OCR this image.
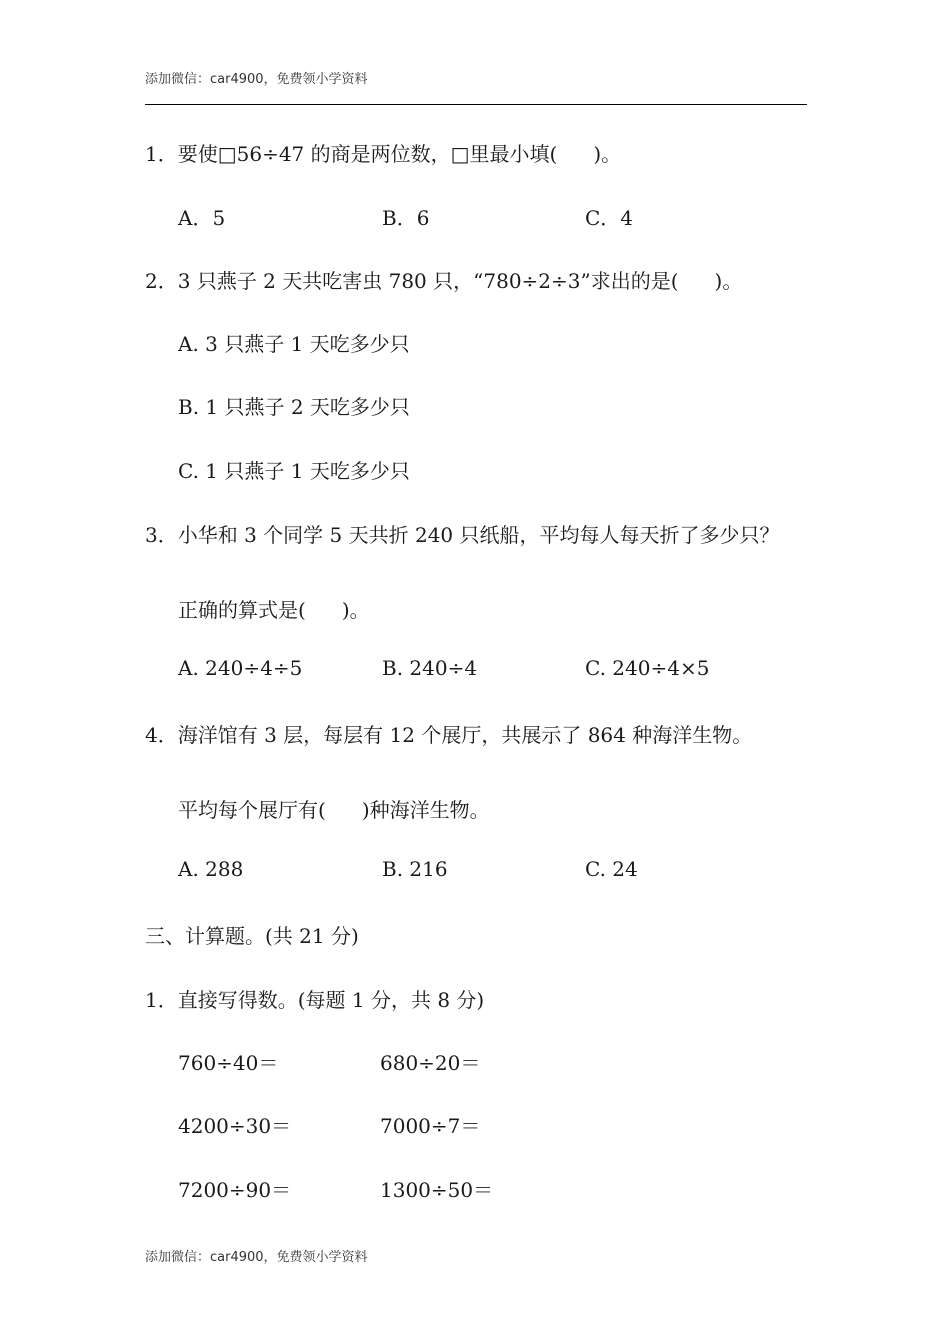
添加微信：car4900，免费领小学资料
1．要使□56÷47 的商是两位数，□里最小填( )。
A．5	B．6	C．4
2．3 只燕子 2 天共吃害虫 780 只，“780÷2÷3”求出的是( )。
A. 3 只燕子 1 天吃多少只
B. 1 只燕子 2 天吃多少只
C. 1 只燕子 1 天吃多少只
3．小华和 3 个同学 5 天共折 240 只纸船，平均每人每天折了多少只？
正确的算式是( )。
A. 240÷4÷5	B. 240÷4	C. 240÷4×5
4．海洋馆有 3 层，每层有 12 个展厅，共展示了 864 种海洋生物。
平均每个展厅有( )种海洋生物。
A. 288	B. 216	C. 24
三、计算题。(共 21 分)
1．直接写得数。(每题 1 分，共 8 分)
760÷40＝	680÷20＝
4200÷30＝	7000÷7＝
7200÷90＝	1300÷50＝
添加微信：car4900，免费领小学资料
